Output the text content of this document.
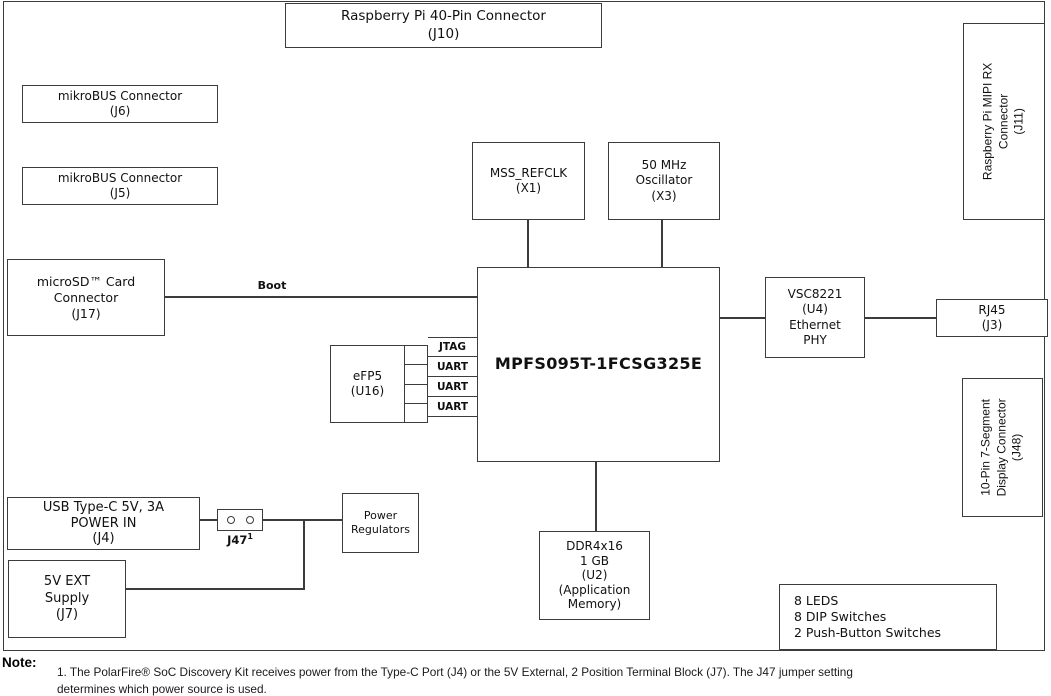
Boot
$J47^1$
Raspberry Pi 40-Pin Connector
(J10)
mikroBUS Connector
(J6)
mikroBUS Connector
(J5)
MSS_REFCLK
(X1)
50 MHz
Oscillator
(X3)
microSD™ Card
Connector
(J17)
MPFS095T-1FCSG325E
eFP5
(U16)
JTAG
UART
UART
UART
VSC8221
(U4)
Ethernet
PHY
RJ45
(J3)
Raspberry Pi MIPI RX Connector (J11)
10-Pin 7-Segment Display Connector (J48)
USB Type-C 5V, 3A
POWER IN
(J4)
Power
Regulators
5V EXT
Supply
(J7)
DDR4x16
1 GB
(U2)
(Application
Memory)	8 LEDS
8 DIP Switches
2 Push-Button Switches
Note:
1. The PolarFire® SoC Discovery Kit receives power from the Type-C Port (J4) or the 5V External, 2 Position Terminal Block (J7). The J47 jumper setting
determines which power source is used.
